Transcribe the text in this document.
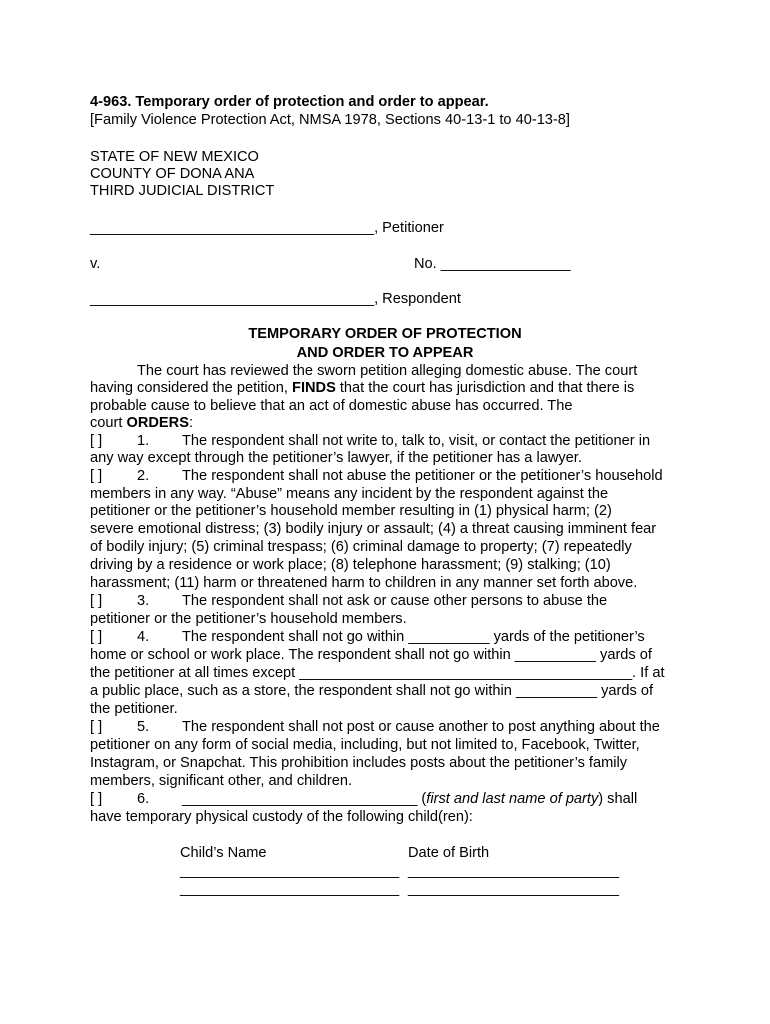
4-963. Temporary order of protection and order to appear.
[Family Violence Protection Act, NMSA 1978, Sections 40-13-1 to 40-13-8]
STATE OF NEW MEXICO
COUNTY OF DONA ANA
THIRD JUDICIAL DISTRICT
___________________________________, Petitioner
v.	No. ________________
___________________________________, Respondent
TEMPORARY ORDER OF PROTECTION
AND ORDER TO APPEAR
The court has reviewed the sworn petition alleging domestic abuse. The court
having considered the petition, FINDS that the court has jurisdiction and that there is
probable cause to believe that an act of domestic abuse has occurred. The
court ORDERS:
[ ] 1. The respondent shall not write to, talk to, visit, or contact the petitioner in
any way except through the petitioner’s lawyer, if the petitioner has a lawyer.
[ ] 2. The respondent shall not abuse the petitioner or the petitioner’s household
members in any way. “Abuse” means any incident by the respondent against the
petitioner or the petitioner’s household member resulting in (1) physical harm; (2)
severe emotional distress; (3) bodily injury or assault; (4) a threat causing imminent fear
of bodily injury; (5) criminal trespass; (6) criminal damage to property; (7) repeatedly
driving by a residence or work place; (8) telephone harassment; (9) stalking; (10)
harassment; (11) harm or threatened harm to children in any manner set forth above.
[ ] 3. The respondent shall not ask or cause other persons to abuse the
petitioner or the petitioner’s household members.
[ ] 4. The respondent shall not go within __________ yards of the petitioner’s
home or school or work place. The respondent shall not go within __________ yards of
the petitioner at all times except _________________________________________. If at
a public place, such as a store, the respondent shall not go within __________ yards of
the petitioner.
[ ] 5. The respondent shall not post or cause another to post anything about the
petitioner on any form of social media, including, but not limited to, Facebook, Twitter,
Instagram, or Snapchat. This prohibition includes posts about the petitioner’s family
members, significant other, and children.
[ ] 6. _____________________________ (first and last name of party) shall
have temporary physical custody of the following child(ren):
Child’s Name	Date of Birth
___________________________ __________________________
___________________________ __________________________
